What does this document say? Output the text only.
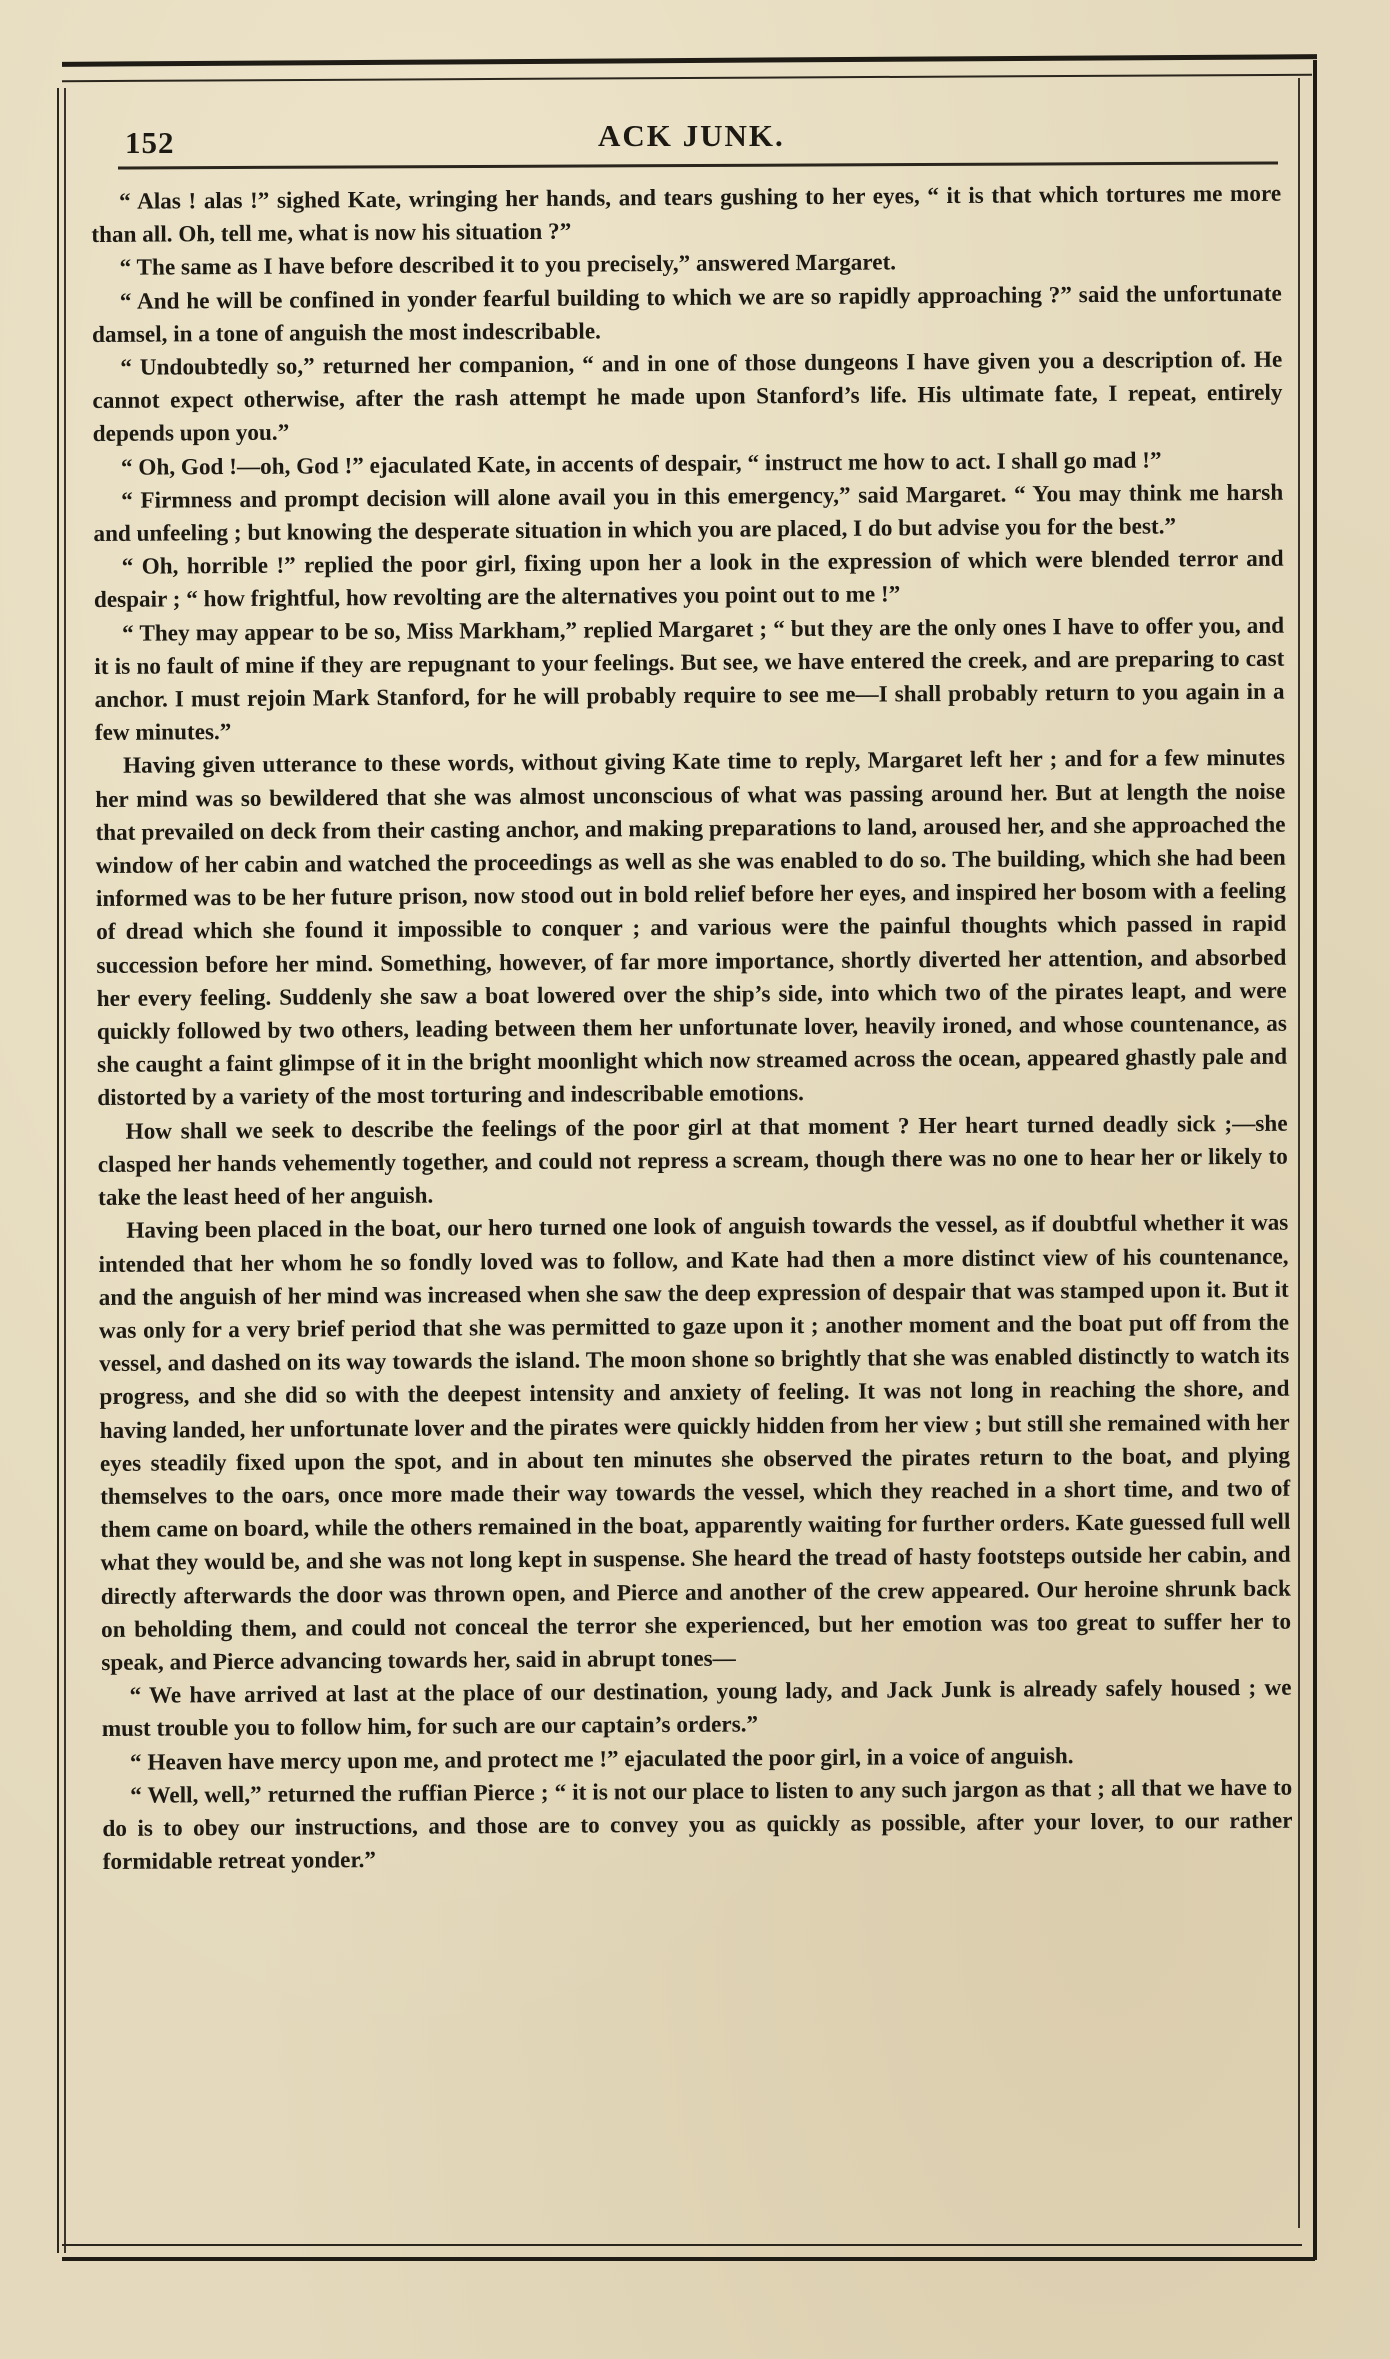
152	ACK JUNK.

“ Alas ! alas !” sighed Kate, wringing her hands, and tears gushing to her eyes, “ it is that which tortures me more than all. Oh, tell me, what is now his situation ?”

“ The same as I have before described it to you precisely,” answered Margaret.

“ And he will be confined in yonder fearful building to which we are so rapidly approaching ?” said the unfortunate damsel, in a tone of anguish the most indescribable.

“ Undoubtedly so,” returned her companion, “ and in one of those dungeons I have given you a description of. He cannot expect otherwise, after the rash attempt he made upon Stanford’s life. His ultimate fate, I repeat, entirely depends upon you.”

“ Oh, God !—oh, God !” ejaculated Kate, in accents of despair, “ instruct me how to act. I shall go mad !”

“ Firmness and prompt decision will alone avail you in this emergency,” said Margaret. “ You may think me harsh and unfeeling ; but knowing the desperate situation in which you are placed, I do but advise you for the best.”

“ Oh, horrible !” replied the poor girl, fixing upon her a look in the expression of which were blended terror and despair ; “ how frightful, how revolting are the alternatives you point out to me !”

“ They may appear to be so, Miss Markham,” replied Margaret ; “ but they are the only ones I have to offer you, and it is no fault of mine if they are repugnant to your feelings. But see, we have entered the creek, and are preparing to cast anchor. I must rejoin Mark Stanford, for he will probably require to see me—I shall probably return to you again in a few minutes.”

Having given utterance to these words, without giving Kate time to reply, Margaret left her ; and for a few minutes her mind was so bewildered that she was almost unconscious of what was passing around her. But at length the noise that prevailed on deck from their casting anchor, and making preparations to land, aroused her, and she approached the window of her cabin and watched the proceedings as well as she was enabled to do so. The building, which she had been informed was to be her future prison, now stood out in bold relief before her eyes, and inspired her bosom with a feeling of dread which she found it impossible to conquer ; and various were the painful thoughts which passed in rapid succession before her mind. Something, however, of far more importance, shortly diverted her attention, and absorbed her every feeling. Suddenly she saw a boat lowered over the ship’s side, into which two of the pirates leapt, and were quickly followed by two others, leading between them her unfortunate lover, heavily ironed, and whose countenance, as she caught a faint glimpse of it in the bright moonlight which now streamed across the ocean, appeared ghastly pale and distorted by a variety of the most torturing and indescribable emotions.

How shall we seek to describe the feelings of the poor girl at that moment ? Her heart turned deadly sick ;—she clasped her hands vehemently together, and could not repress a scream, though there was no one to hear her or likely to take the least heed of her anguish.

Having been placed in the boat, our hero turned one look of anguish towards the vessel, as if doubtful whether it was intended that her whom he so fondly loved was to follow, and Kate had then a more distinct view of his countenance, and the anguish of her mind was increased when she saw the deep expression of despair that was stamped upon it. But it was only for a very brief period that she was permitted to gaze upon it ; another moment and the boat put off from the vessel, and dashed on its way towards the island. The moon shone so brightly that she was enabled distinctly to watch its progress, and she did so with the deepest intensity and anxiety of feeling. It was not long in reaching the shore, and having landed, her unfortunate lover and the pirates were quickly hidden from her view ; but still she remained with her eyes steadily fixed upon the spot, and in about ten minutes she observed the pirates return to the boat, and plying themselves to the oars, once more made their way towards the vessel, which they reached in a short time, and two of them came on board, while the others remained in the boat, apparently waiting for further orders. Kate guessed full well what they would be, and she was not long kept in suspense. She heard the tread of hasty footsteps outside her cabin, and directly afterwards the door was thrown open, and Pierce and another of the crew appeared. Our heroine shrunk back on beholding them, and could not conceal the terror she experienced, but her emotion was too great to suffer her to speak, and Pierce advancing towards her, said in abrupt tones—

“ We have arrived at last at the place of our destination, young lady, and Jack Junk is already safely housed ; we must trouble you to follow him, for such are our captain’s orders.”

“ Heaven have mercy upon me, and protect me !” ejaculated the poor girl, in a voice of anguish.

“ Well, well,” returned the ruffian Pierce ; “ it is not our place to listen to any such jargon as that ; all that we have to do is to obey our instructions, and those are to convey you as quickly as possible, after your lover, to our rather formidable retreat yonder.”
